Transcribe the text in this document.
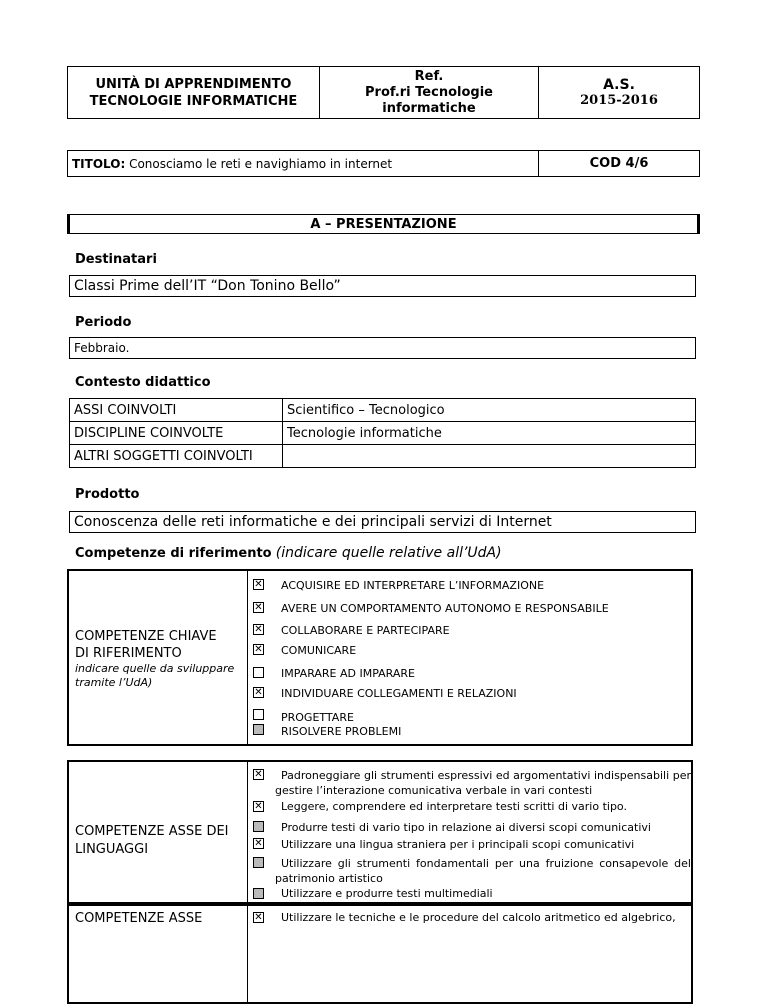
UNITÀ DI APPRENDIMENTO
TECNOLOGIE INFORMATICHE
Ref.
Prof.ri Tecnologie
informatiche
A.S.
2015-2016
TITOLO: Conosciamo le reti e navighiamo in internet	COD 4/6
A – PRESENTAZIONE
Destinatari
Classi Prime dell’IT “Don Tonino Bello”
Periodo
Febbraio.
Contesto didattico
ASSI COINVOLTI	Scientifico – Tecnologico
DISCIPLINE COINVOLTE	Tecnologie informatiche
ALTRI SOGGETTI COINVOLTI
Prodotto
Conoscenza delle reti informatiche e dei principali servizi di Internet
Competenze di riferimento (indicare quelle relative all’UdA)
COMPETENZE CHIAVE
DI RIFERIMENTO
indicare quelle da sviluppare
tramite l’UdA)
✕
ACQUISIRE ED INTERPRETARE L’INFORMAZIONE
✕
AVERE UN COMPORTAMENTO AUTONOMO E RESPONSABILE
✕
COLLABORARE E PARTECIPARE
✕
COMUNICARE
IMPARARE AD IMPARARE
✕
INDIVIDUARE COLLEGAMENTI E RELAZIONI
PROGETTARE
RISOLVERE PROBLEMI
COMPETENZE ASSE DEI
LINGUAGGI
✕
Padroneggiare gli strumenti espressivi ed argomentativi indispensabili per gestire l’interazione comunicativa verbale in vari contesti
✕
Leggere, comprendere ed interpretare testi scritti di vario tipo.
Produrre testi di vario tipo in relazione ai diversi scopi comunicativi
✕
Utilizzare una lingua straniera per i principali scopi comunicativi
Utilizzare gli strumenti fondamentali per una fruizione consapevole del patrimonio artistico
Utilizzare e produrre testi multimediali
COMPETENZE ASSE
✕	Utilizzare le tecniche e le procedure del calcolo aritmetico ed algebrico,
